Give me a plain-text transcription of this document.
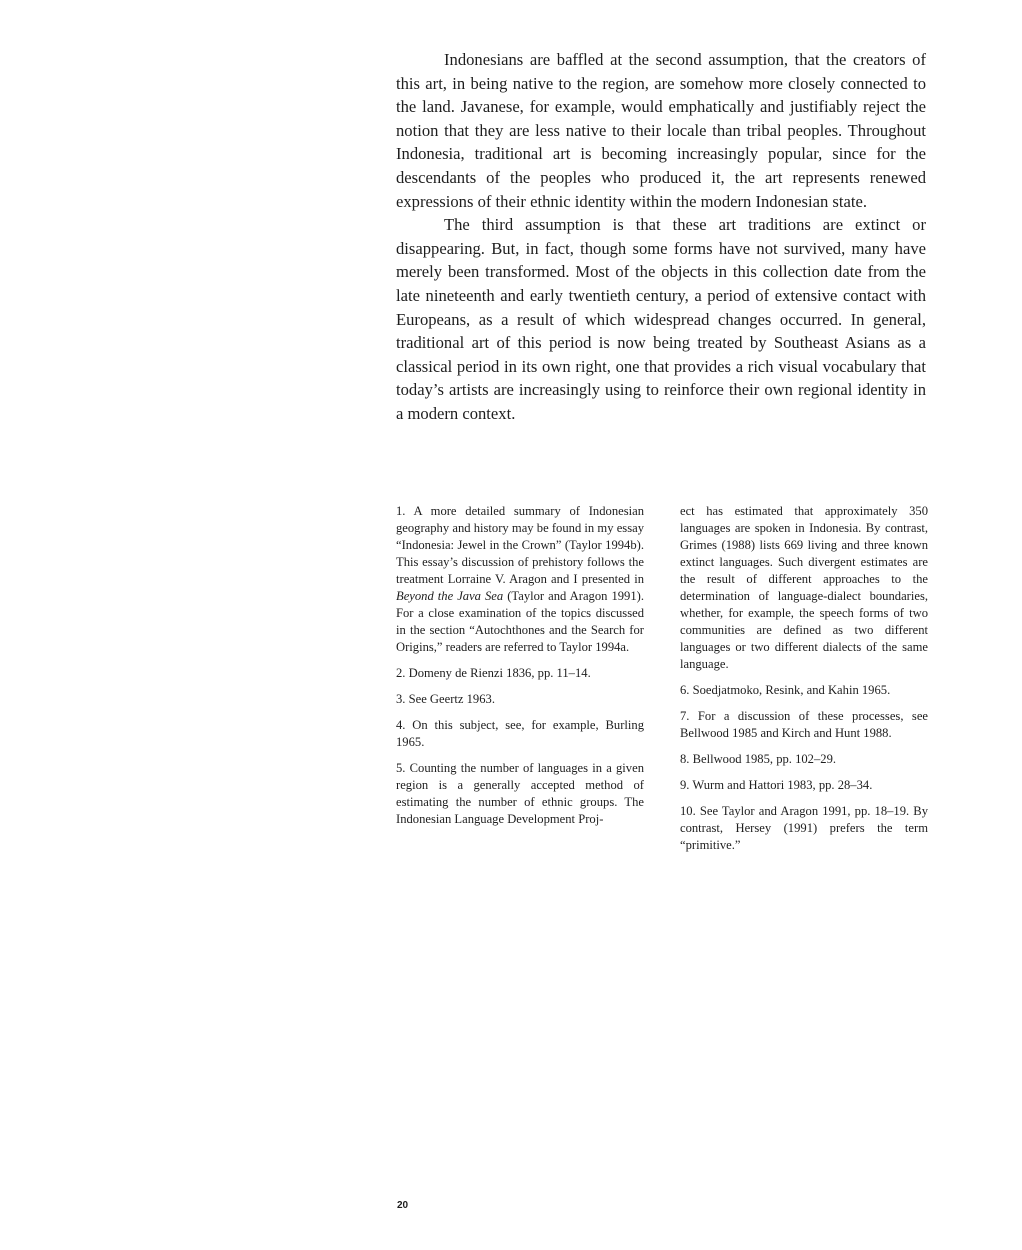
Indonesians are baffled at the second assumption, that the creators of this art, in being native to the region, are somehow more closely connected to the land. Javanese, for example, would emphatically and justifiably reject the notion that they are less native to their locale than tribal peoples. Throughout Indonesia, traditional art is becoming increasingly popular, since for the descendants of the peoples who produced it, the art represents renewed expressions of their ethnic identity within the modern Indonesian state.

The third assumption is that these art traditions are extinct or disappearing. But, in fact, though some forms have not survived, many have merely been transformed. Most of the objects in this collection date from the late nineteenth and early twentieth century, a period of extensive contact with Europeans, as a result of which widespread changes occurred. In general, traditional art of this period is now being treated by Southeast Asians as a classical period in its own right, one that provides a rich visual vocabulary that today’s artists are increasingly using to reinforce their own regional identity in a modern context.

1. A more detailed summary of Indonesian geography and history may be found in my essay “Indonesia: Jewel in the Crown” (Taylor 1994b). This essay’s discussion of prehistory follows the treatment Lorraine V. Aragon and I presented in Beyond the Java Sea (Taylor and Aragon 1991). For a close examination of the topics discussed in the section “Autochthones and the Search for Origins,” readers are referred to Taylor 1994a.

2. Domeny de Rienzi 1836, pp. 11–14.

3. See Geertz 1963.

4. On this subject, see, for example, Burling 1965.

5. Counting the number of languages in a given region is a generally accepted method of estimating the number of ethnic groups. The Indonesian Language Development Proj-

ect has estimated that approximately 350 languages are spoken in Indonesia. By contrast, Grimes (1988) lists 669 living and three known extinct languages. Such divergent estimates are the result of different approaches to the determination of language-dialect boundaries, whether, for example, the speech forms of two communities are defined as two different languages or two different dialects of the same language.

6. Soedjatmoko, Resink, and Kahin 1965.

7. For a discussion of these processes, see Bellwood 1985 and Kirch and Hunt 1988.

8. Bellwood 1985, pp. 102–29.

9. Wurm and Hattori 1983, pp. 28–34.

10. See Taylor and Aragon 1991, pp. 18–19. By contrast, Hersey (1991) prefers the term “primitive.”

20
